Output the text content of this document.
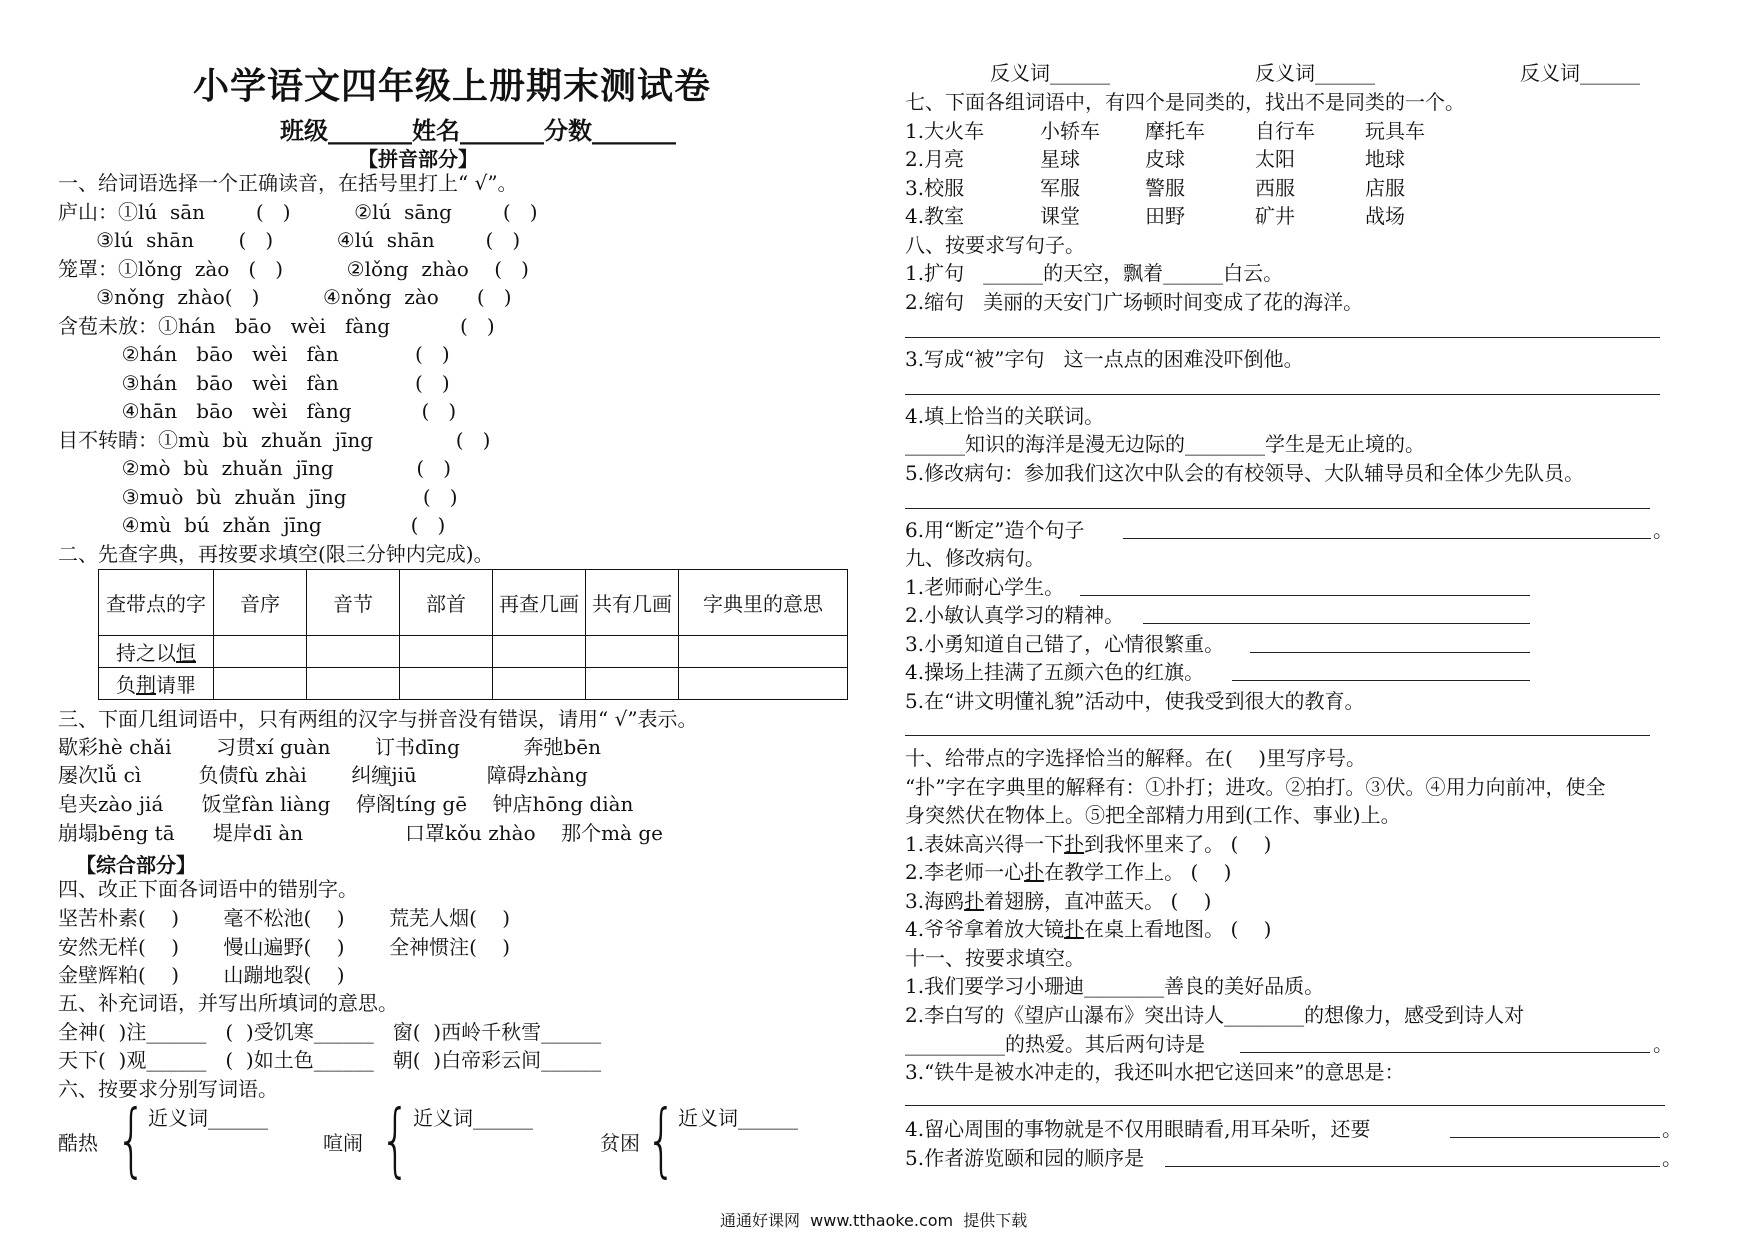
小学语文四年级上册期末测试卷
班级_______姓名_______分数_______
【拼音部分】
一、给词语选择一个正确读音，在括号里打上“ √”。
庐山：①lú  sān        (   )          ②lú  sāng        (   )
③lú  shān       (   )          ④lú  shān        (   )
笼罩：①lǒng  zào   (   )          ②lǒng  zhào    (   )
③nǒng  zhào(   )          ④nǒng  zào      (   )
含苞未放：①hán   bāo   wèi   fàng           (   )
②hán   bāo   wèi   fàn            (   )
③hán   bāo   wèi   fàn            (   )
④hān   bāo   wèi   fàng           (   )
目不转睛：①mù  bù  zhuǎn  jīng             (   )
②mò  bù  zhuǎn  jīng             (   )
③muò  bù  zhuǎn  jīng            (   )
④mù  bú  zhǎn  jīng              (   )
二、先查字典，再按要求填空(限三分钟内完成)。
查带点的字	音序	音节	部首	再查几画	共有几画	字典里的意思
持之以恒						
负荆请罪						
三、下面几组词语中，只有两组的汉字与拼音没有错误，请用“ √”表示。
歇彩hè chǎi       习贯xí guàn       订书dīng          奔弛bēn
屡次lǚ cì         负债fù zhài       纠缠jiū           障碍zhàng
皂夹zào jiá      饭堂fàn liàng    停阁tíng gē    钟店hōng diàn
崩塌bēng tā      堤岸dī àn                口罩kǒu zhào    那个mà ge
【综合部分】
四、改正下面各词语中的错别字。
坚苦朴素(    )       毫不松池(    )       荒芜人烟(    )
安然无样(    )       慢山遍野(    )       全神惯注(    )
金壁辉粕(    )       山蹦地裂(    )
五、补充词语，并写出所填词的意思。
全神(  )注______   (  )受饥寒______   窗(  )西岭千秋雪______
天下(  )观______   (  )如土色______   朝(  )白帝彩云间______
六、按要求分别写词语。
近义词______
酷热 {	近义词______
喧闹 {	近义词______
贫困 {
反义词______	反义词______	反义词______
七、下面各组词语中，有四个是同类的，找出不是同类的一个。
1.大火车	小轿车 摩托车	自行车	玩具车
2.月亮	星球	皮球	太阳	地球
3.校服	军服	警服	西服	店服
4.教室	课堂	田野	矿井	战场
八、按要求写句子。
1.扩句   ______的天空，飘着______白云。
2.缩句   美丽的天安门广场顿时间变成了花的海洋。
3.写成“被”字句   这一点点的困难没吓倒他。
4.填上恰当的关联词。
______知识的海洋是漫无边际的________学生是无止境的。
5.修改病句：参加我们这次中队会的有校领导、大队辅导员和全体少先队员。
6.用“断定”造个句子	。
九、修改病句。
1.老师耐心学生。
2.小敏认真学习的精神。
3.小勇知道自己错了，心情很繁重。
4.操场上挂满了五颜六色的红旗。
5.在“讲文明懂礼貌”活动中，使我受到很大的教育。
十、给带点的字选择恰当的解释。在(    )里写序号。
“扑”字在字典里的解释有：①扑打；进攻。②拍打。③伏。④用力向前冲，使全
身突然伏在物体上。⑤把全部精力用到(工作、事业)上。
1.表妹高兴得一下扑到我怀里来了。 (    )
2.李老师一心扑在教学工作上。 (    )
3.海鸥扑着翅膀，直冲蓝天。 (    )
4.爷爷拿着放大镜扑在桌上看地图。 (    )
十一、按要求填空。
1.我们要学习小珊迪________善良的美好品质。
2.李白写的《望庐山瀑布》突出诗人________的想像力，感受到诗人对
__________的热爱。其后两句诗是	。
3.“铁牛是被水冲走的，我还叫水把它送回来”的意思是：
4.留心周围的事物就是不仅用眼睛看,用耳朵听，还要	。
5.作者游览颐和园的顺序是	。
通通好课网  www.tthaoke.com  提供下载
